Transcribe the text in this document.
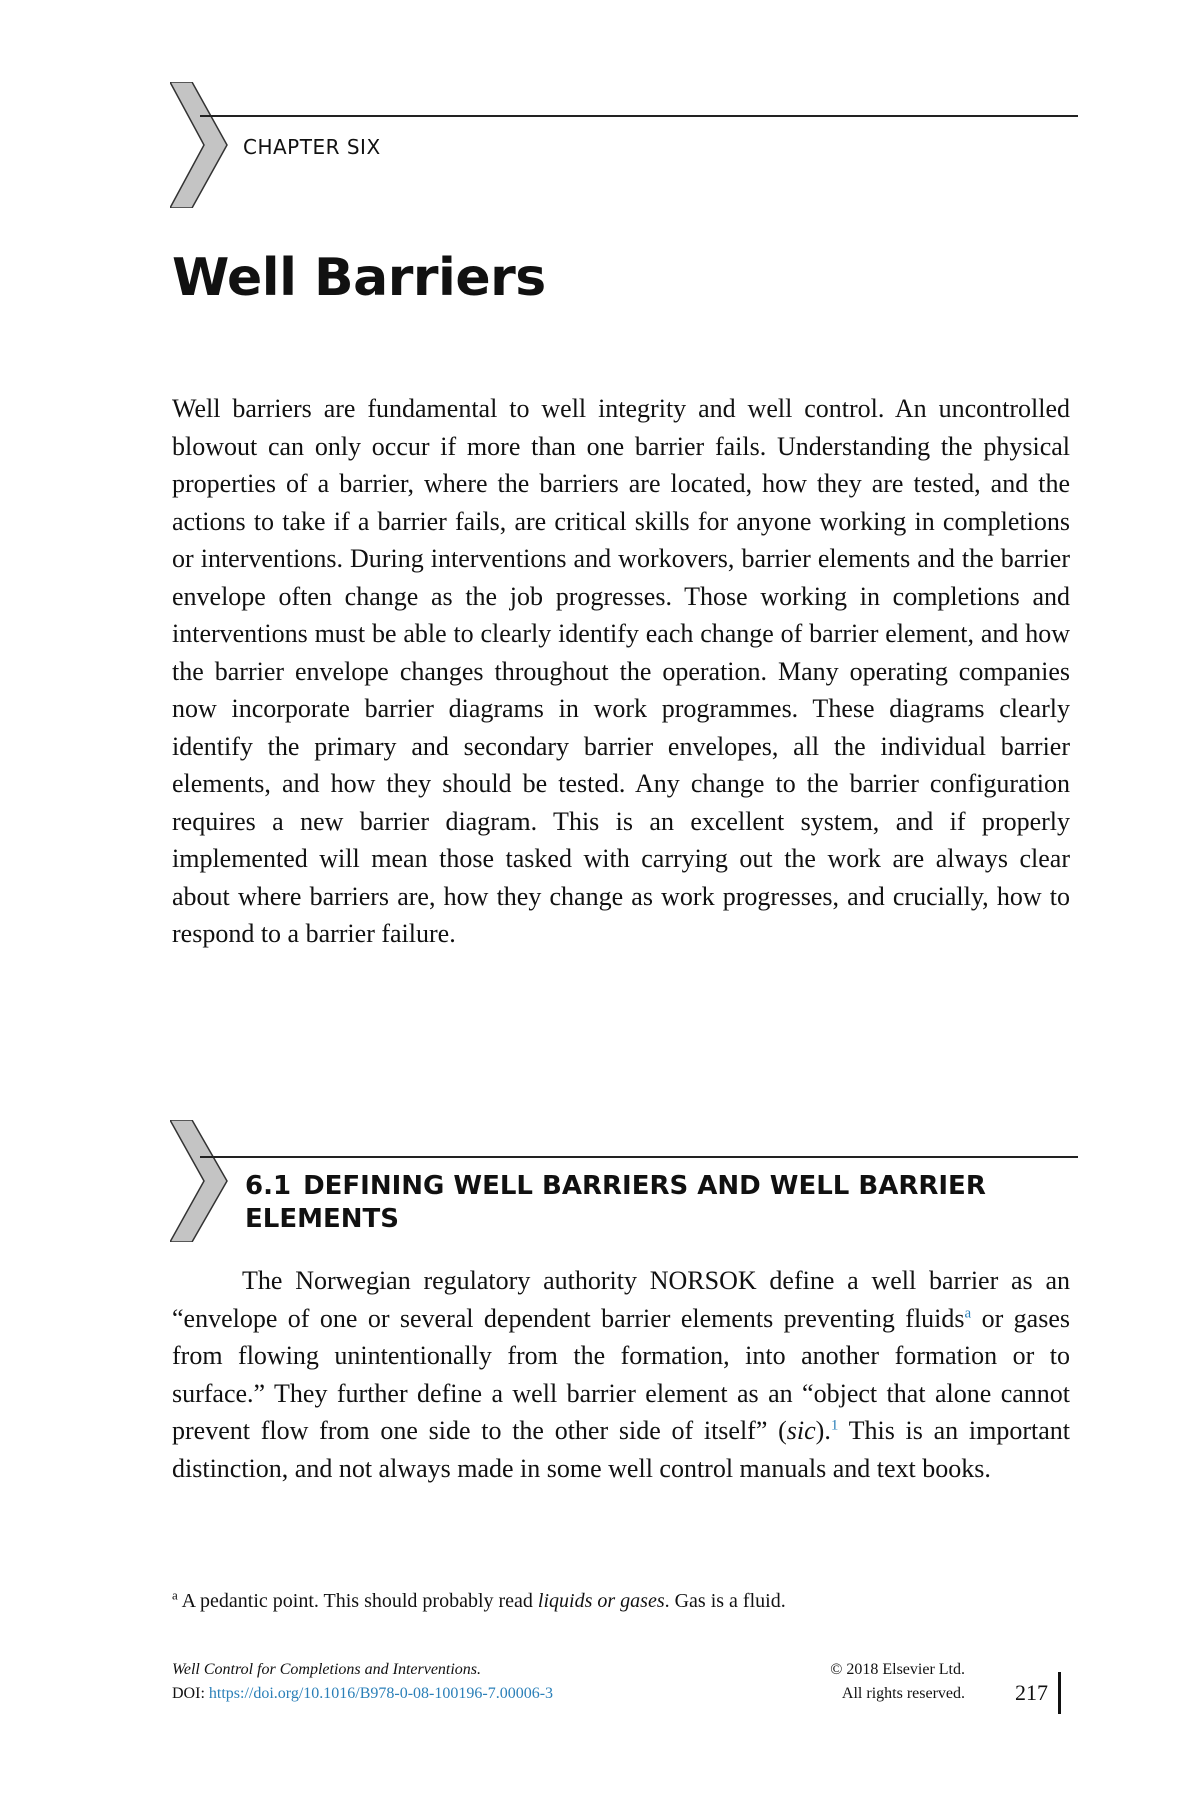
CHAPTER SIX
Well Barriers

Well barriers are fundamental to well integrity and well control. An uncontrolled blowout can only occur if more than one barrier fails. Understanding the physical properties of a barrier, where the barriers are located, how they are tested, and the actions to take if a barrier fails, are critical skills for anyone working in completions or interventions. During interventions and workovers, barrier elements and the barrier envelope often change as the job progresses. Those working in completions and interventions must be able to clearly identify each change of barrier element, and how the barrier envelope changes throughout the operation. Many operating companies now incorporate barrier diagrams in work programmes. These diagrams clearly identify the primary and secondary barrier envelopes, all the individual barrier elements, and how they should be tested. Any change to the barrier configuration requires a new barrier diagram. This is an excellent system, and if properly implemented will mean those tasked with carrying out the work are always clear about where barriers are, how they change as work progresses, and crucially, how to respond to a barrier failure.

6.1 DEFINING WELL BARRIERS AND WELL BARRIER ELEMENTS

The Norwegian regulatory authority NORSOK define a well barrier as an “envelope of one or several dependent barrier elements preventing fluids$^a$ or gases from flowing unintentionally from the formation, into another formation or to surface.” They further define a well barrier element as an “object that alone cannot prevent flow from one side to the other side of itself” (sic).$^1$ This is an important distinction, and not always made in some well control manuals and text books.

$^a$ A pedantic point. This should probably read liquids or gases. Gas is a fluid.

Well Control for Completions and Interventions.
DOI: https://doi.org/10.1016/B978-0-08-100196-7.00006-3
© 2018 Elsevier Ltd.
All rights reserved. 217
